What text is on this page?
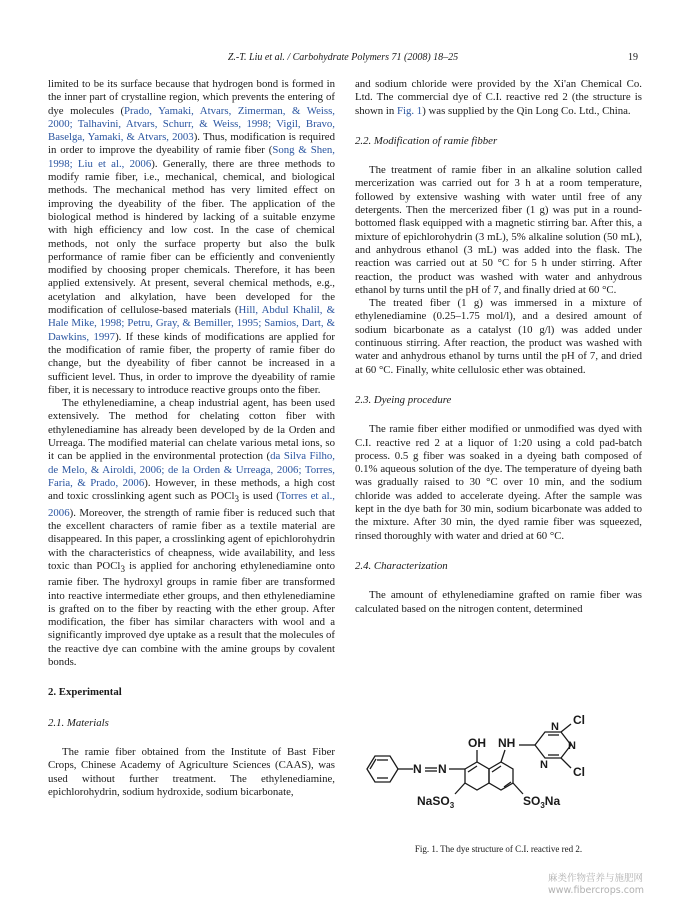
Z.-T. Liu et al. / Carbohydrate Polymers 71 (2008) 18–25	19

limited to be its surface because that hydrogen bond is formed in the inner part of crystalline region, which prevents the entering of dye molecules (Prado, Yamaki, Atvars, Zimerman, & Weiss, 2000; Talhavini, Atvars, Schurr, & Weiss, 1998; Vigil, Bravo, Baselga, Yamaki, & Atvars, 2003). Thus, modification is required in order to improve the dyeability of ramie fiber (Song & Shen, 1998; Liu et al., 2006). Generally, there are three methods to modify ramie fiber, i.e., mechanical, chemical, and biological methods. The mechanical method has very limited effect on improving the dyeability of the fiber. The application of the biological method is hindered by lacking of a suitable enzyme with high efficiency and low cost. In the case of chemical methods, not only the surface property but also the bulk performance of ramie fiber can be efficiently and conveniently modified by choosing proper chemicals. Therefore, it has been applied extensively. At present, several chemical methods, e.g., acetylation and alkylation, have been developed for the modification of cellulose-based materials (Hill, Abdul Khalil, & Hale Mike, 1998; Petru, Gray, & Bemiller, 1995; Samios, Dart, & Dawkins, 1997). If these kinds of modifications are applied for the modification of ramie fiber, the property of ramie fiber do change, but the dyeability of fiber cannot be increased in a sufficient level. Thus, in order to improve the dyeability of ramie fiber, it is necessary to introduce reactive groups onto the fiber.

The ethylenediamine, a cheap industrial agent, has been used extensively. The method for chelating cotton fiber with ethylenediamine has already been developed by de la Orden and Urreaga. The modified material can chelate various metal ions, so it can be applied in the environmental protection (da Silva Filho, de Melo, & Airoldi, 2006; de la Orden & Urreaga, 2006; Torres, Faria, & Prado, 2006). However, in these methods, a high cost and toxic crosslinking agent such as POCl$_3$ is used (Torres et al., 2006). Moreover, the strength of ramie fiber is reduced such that the excellent characters of ramie fiber as a textile material are disappeared. In this paper, a crosslinking agent of epichlorohydrin with the characteristics of cheapness, wide availability, and less toxic than POCl$_3$ is applied for anchoring ethylenediamine onto ramie fiber. The hydroxyl groups in ramie fiber are transformed into reactive intermediate ether groups, and then ethylenediamine is grafted on to the fiber by reacting with the ether group. After modification, the fiber has similar characters with wool and a significantly improved dye uptake as a result that the molecules of the reactive dye can combine with the amine groups by covalent bonds.

2. Experimental
2.1. Materials

The ramie fiber obtained from the Institute of Bast Fiber Crops, Chinese Academy of Agriculture Sciences (CAAS), was used without further treatment. The ethylenediamine, epichlorohydrin, sodium hydroxide, sodium bicarbonate,

and sodium chloride were provided by the Xi'an Chemical Co. Ltd. The commercial dye of C.I. reactive red 2 (the structure is shown in Fig. 1) was supplied by the Qin Long Co. Ltd., China.

2.2. Modification of ramie fibber

The treatment of ramie fiber in an alkaline solution called mercerization was carried out for 3 h at a room temperature, followed by extensive washing with water until free of any detergents. Then the mercerized fiber (1 g) was put in a round-bottomed flask equipped with a magnetic stirring bar. After this, a mixture of epichlorohydrin (3 mL), 5% alkaline solution (50 mL), and anhydrous ethanol (3 mL) was added into the flask. The reaction was carried out at 50 °C for 5 h under stirring. After reaction, the product was washed with water and anhydrous ethanol by turns until the pH of 7, and finally dried at 60 °C.

The treated fiber (1 g) was immersed in a mixture of ethylenediamine (0.25–1.75 mol/l), and a desired amount of sodium bicarbonate as a catalyst (10 g/l) was added under continuous stirring. After reaction, the product was washed with water and anhydrous ethanol by turns until the pH of 7, and dried at 60 °C. Finally, white cellulosic ether was obtained.

2.3. Dyeing procedure

The ramie fiber either modified or unmodified was dyed with C.I. reactive red 2 at a liquor of 1:20 using a cold pad-batch process. 0.5 g fiber was soaked in a dyeing bath composed of 0.1% aqueous solution of the dye. The temperature of dyeing bath was gradually raised to 30 °C over 10 min, and the sodium chloride was added to accelerate dyeing. After the sample was kept in the dye bath for 30 min, sodium bicarbonate was added to the mixture. After 30 min, the dyed ramie fiber was squeezed, rinsed thoroughly with water and dried at 60 °C.

2.4. Characterization

The amount of ethylenediamine grafted on ramie fiber was calculated based on the nitrogen content, determined

N N
OH NH
N
N
N
Cl
Cl
NaSO$_3$	$SO_3Na$
Fig. 1. The dye structure of C.I. reactive red 2.
麻类作物营养与施肥网
www.fibercrops.com
